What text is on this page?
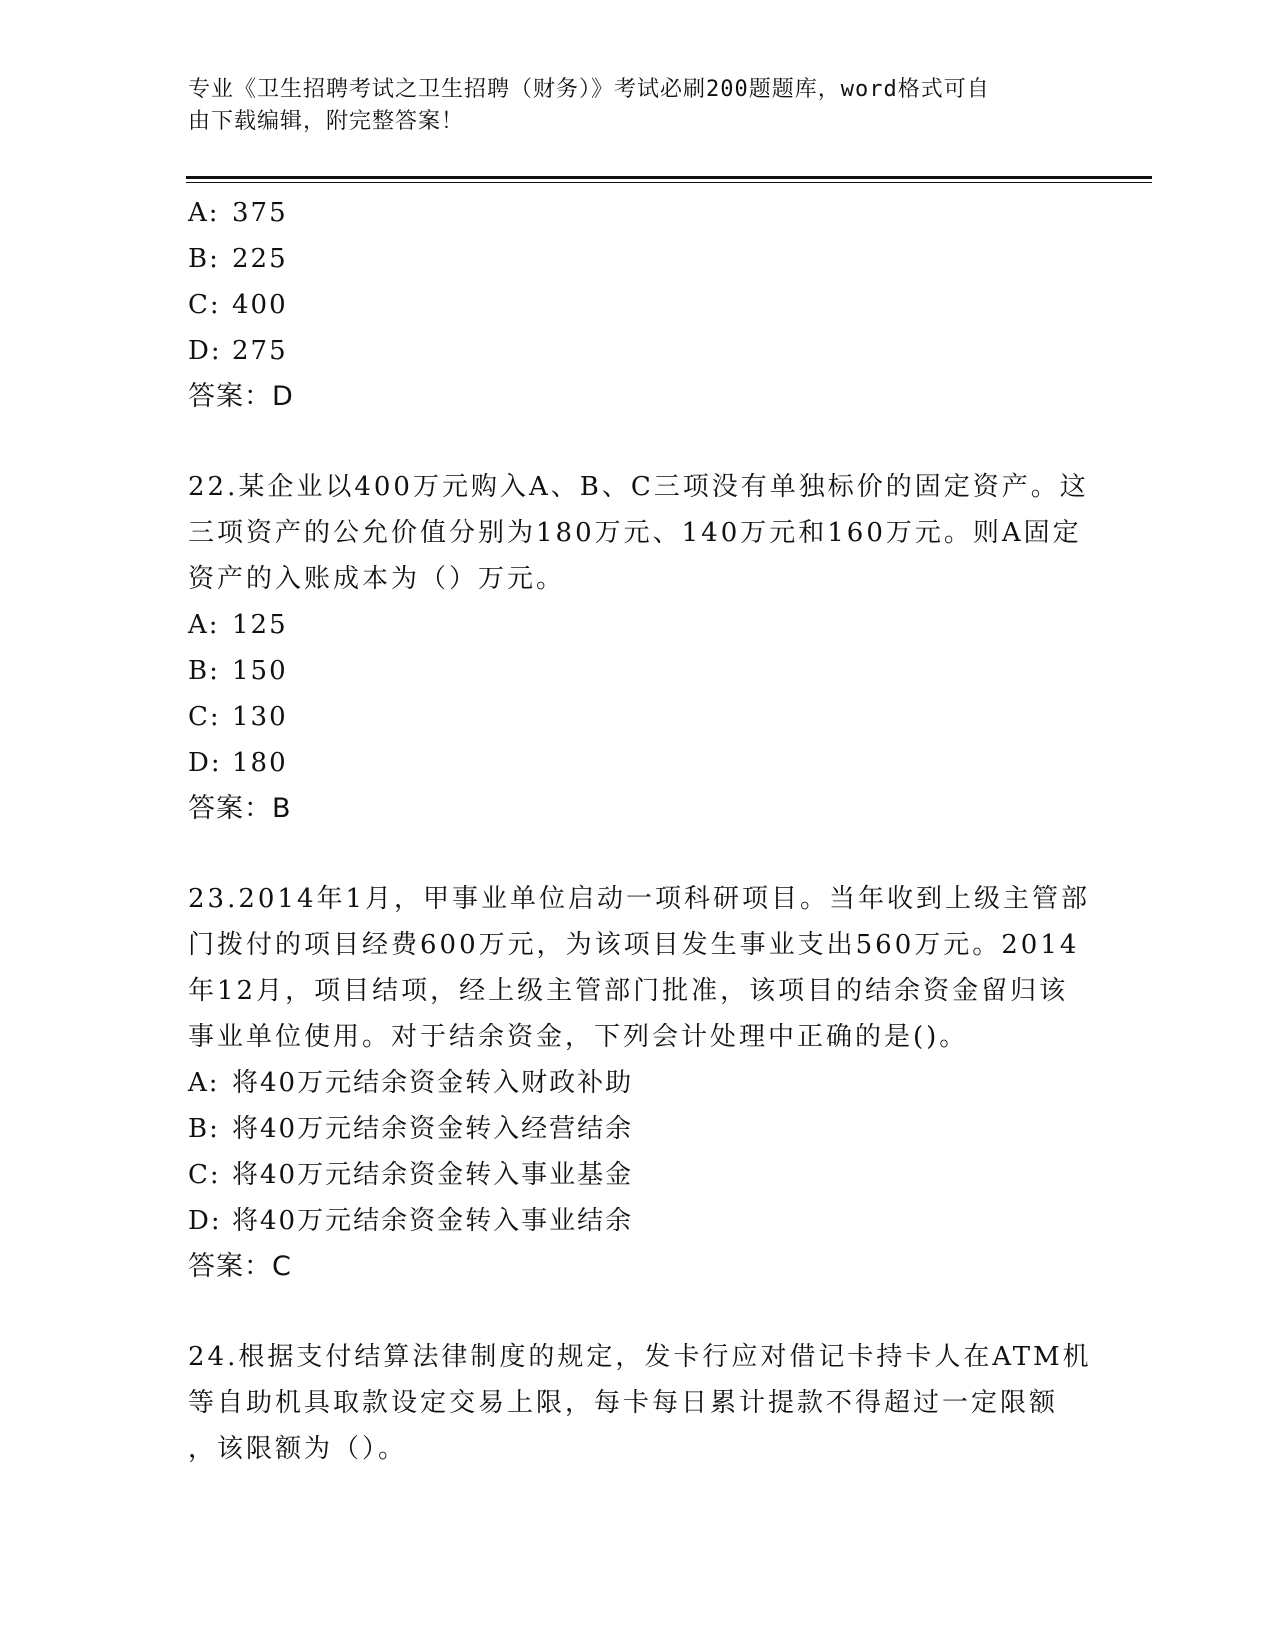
专业《卫生招聘考试之卫生招聘（财务）》考试必刷200题题库，word格式可自
由下载编辑，附完整答案！
A: 375
B: 225
C: 400
D: 275
答案：D
22.某企业以400万元购入A、B、C三项没有单独标价的固定资产。这
三项资产的公允价值分别为180万元、140万元和160万元。则A固定
资产的入账成本为（）万元。
A: 125
B: 150
C: 130
D: 180
答案：B
23.2014年1月，甲事业单位启动一项科研项目。当年收到上级主管部
门拨付的项目经费600万元，为该项目发生事业支出560万元。2014
年12月，项目结项，经上级主管部门批准，该项目的结余资金留归该
事业单位使用。对于结余资金，下列会计处理中正确的是()。
A: 将40万元结余资金转入财政补助
B: 将40万元结余资金转入经营结余
C: 将40万元结余资金转入事业基金
D: 将40万元结余资金转入事业结余
答案：C
24.根据支付结算法律制度的规定，发卡行应对借记卡持卡人在ATM机
等自助机具取款设定交易上限，每卡每日累计提款不得超过一定限额
，该限额为（）。
